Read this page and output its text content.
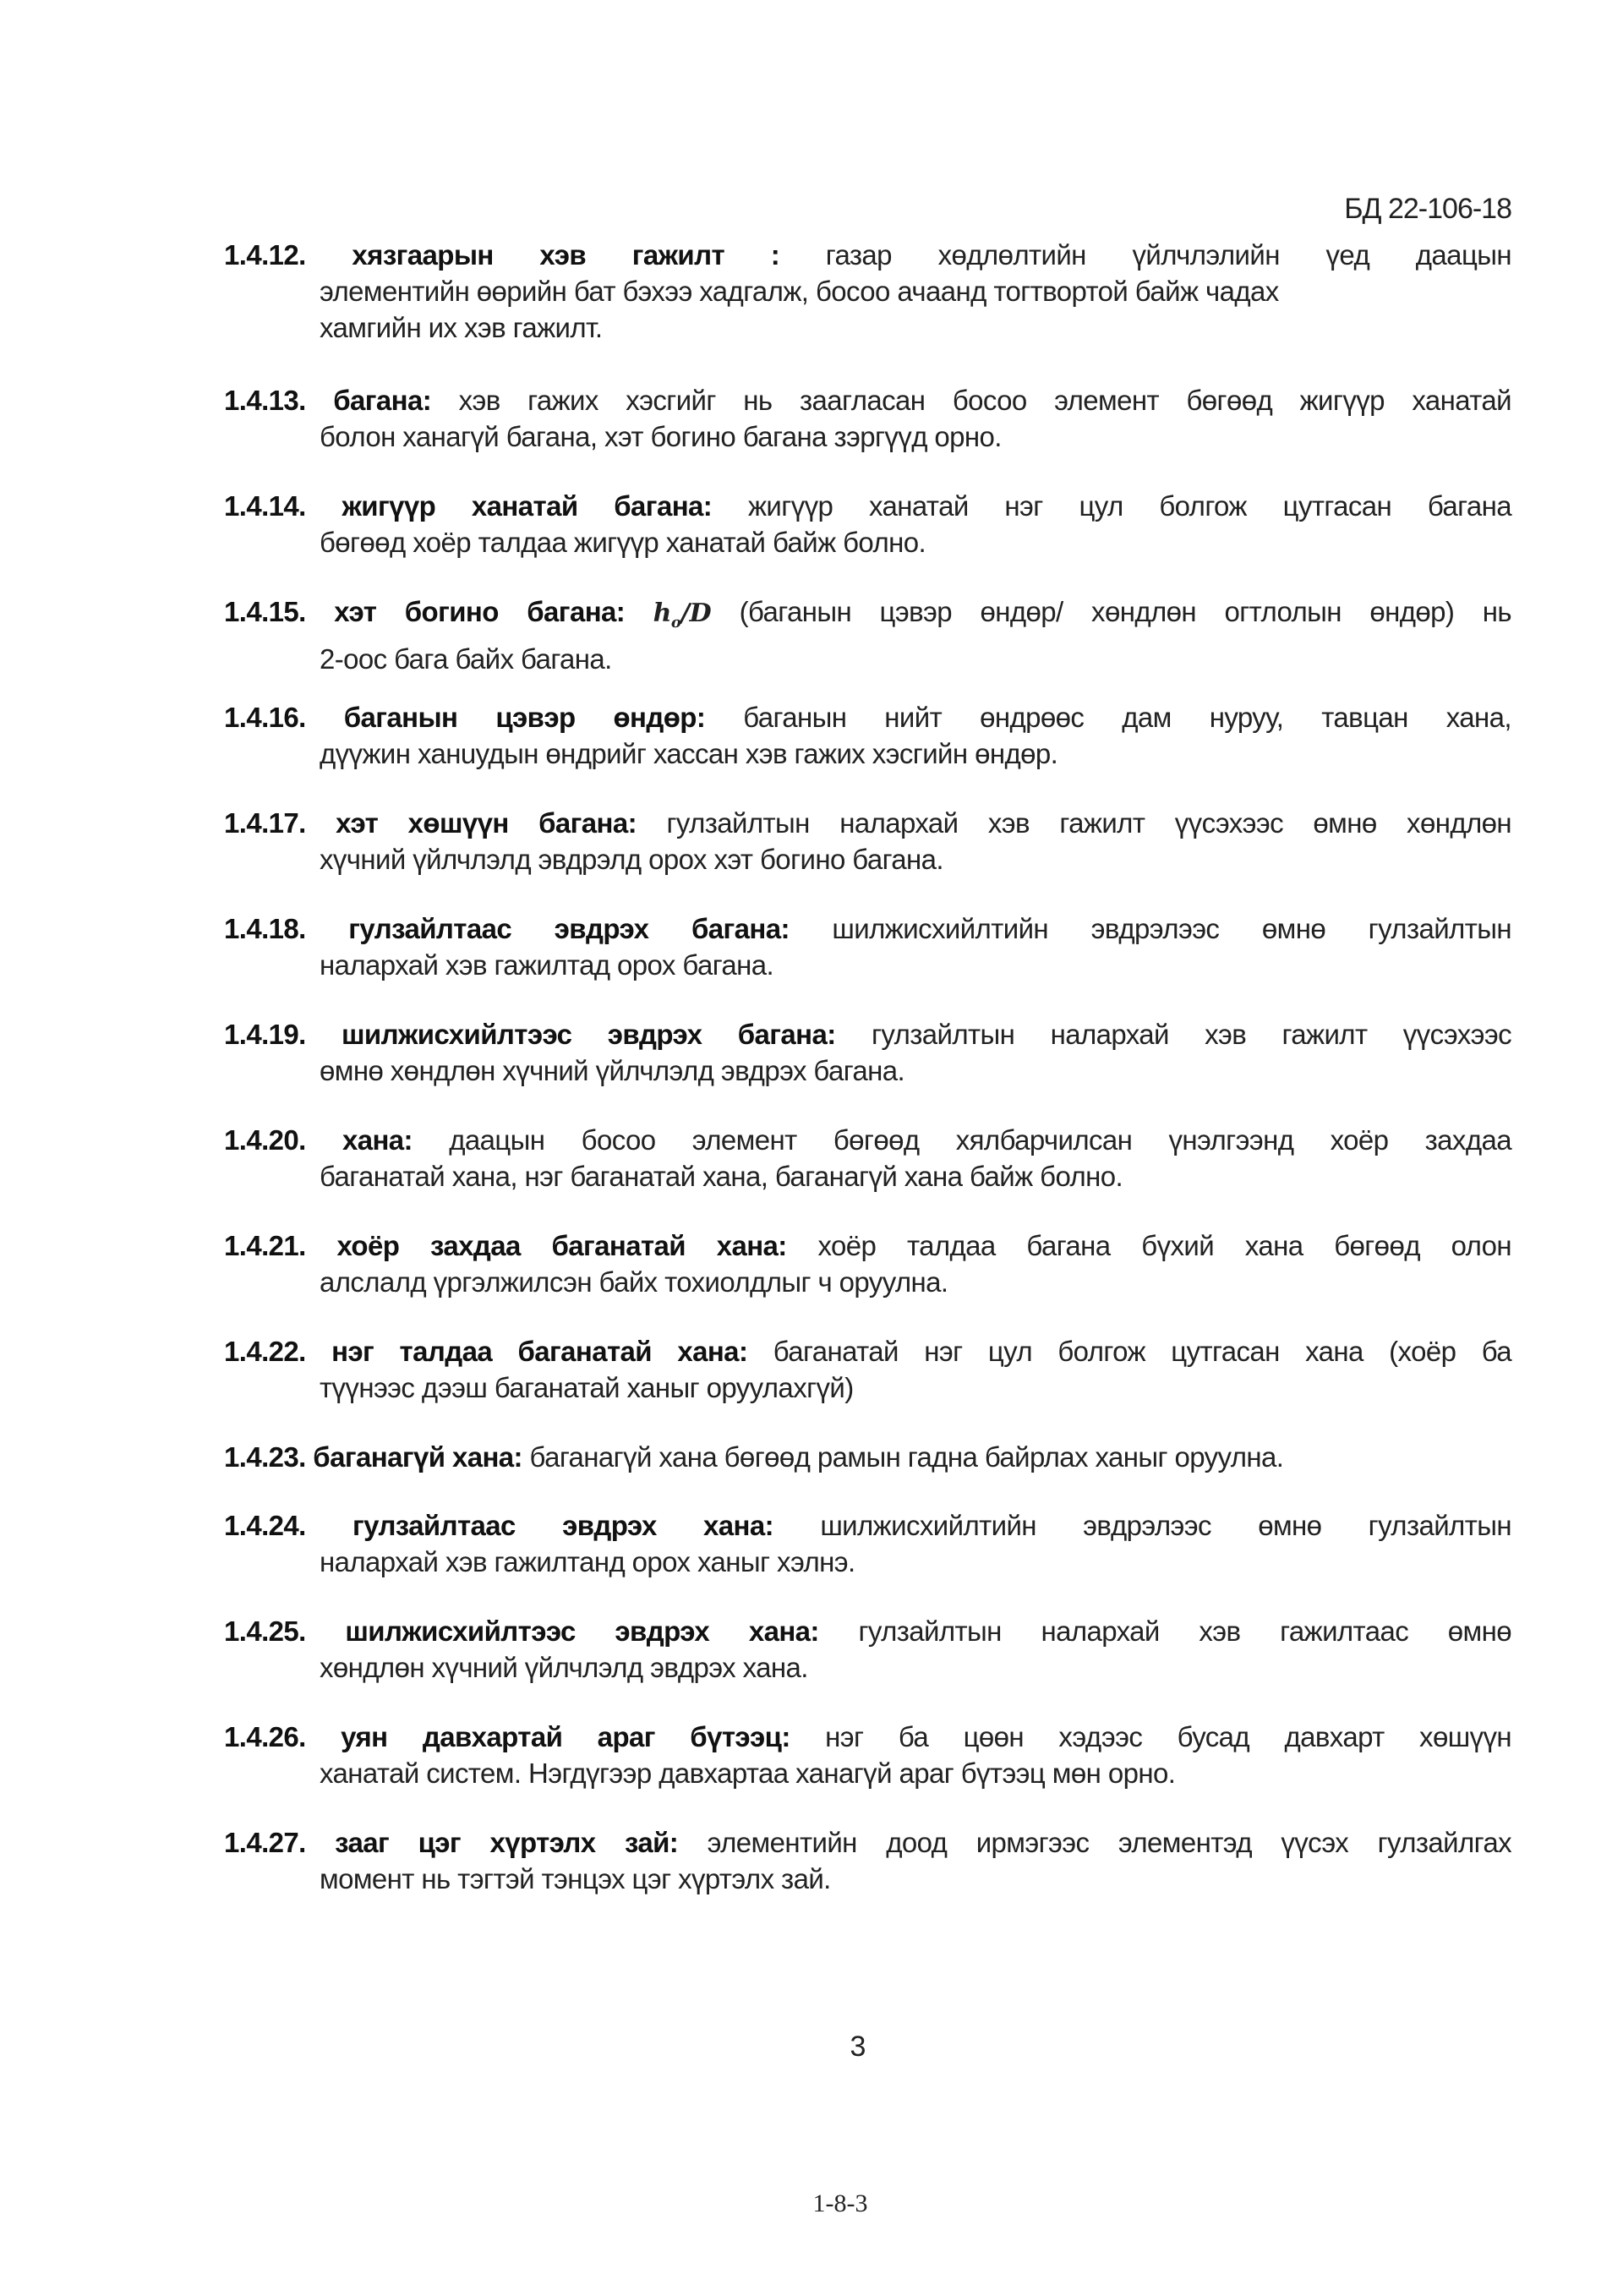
БД 22-106-18
1.4.12. хязгаарын хэв гажилт : газар хөдлөлтийн үйлчлэлийн үед даацын
элементийн өөрийн бат бэхээ хадгалж, босоо ачаанд тогтвортой байж чадах
хамгийн их хэв гажилт.
1.4.13. багана: хэв гажих хэсгийг нь заагласан босоо элемент бөгөөд жигүүр ханатай
болон ханагүй багана, хэт богино багана зэргүүд орно.
1.4.14. жигүүр ханатай багана: жигүүр ханатай нэг цул болгож цутгасан багана
бөгөөд хоёр талдаа жигүүр ханатай байж болно.
1.4.15. хэт богино багана: $h_o/D$ (баганын цэвэр өндөр/ хөндлөн огтлолын өндөр) нь
2-оос бага байх багана.
1.4.16. баганын цэвэр өндөр: баганын нийт өндрөөс дам нуруу, тавцан хана,
дүүжин ханuудын өндрийг хассан хэв гажих хэсгийн өндөр.
1.4.17. хэт хөшүүн багана: гулзайлтын налархай хэв гажилт үүсэхээс өмнө хөндлөн
хүчний үйлчлэлд эвдрэлд орох хэт богино багана.
1.4.18. гулзайлтаас эвдрэх багана: шилжисхийлтийн эвдрэлээс өмнө гулзайлтын
налархай хэв гажилтад орох багана.
1.4.19. шилжисхийлтээс эвдрэх багана: гулзайлтын налархай хэв гажилт үүсэхээс
өмнө хөндлөн хүчний үйлчлэлд эвдрэх багана.
1.4.20. хана: даацын босоо элемент бөгөөд хялбарчилсан үнэлгээнд хоёр захдаа
баганатай хана, нэг баганатай хана, баганагүй хана байж болно.
1.4.21. хоёр захдаа баганатай хана: хоёр талдаа багана бүхий хана бөгөөд олон
алслалд үргэлжилсэн байх тохиолдлыг ч оруулна.
1.4.22. нэг талдаа баганатай хана: баганатай нэг цул болгож цутгасан хана (хоёр ба
түүнээс дээш баганатай ханыг оруулахгүй)
1.4.23. баганагүй хана: баганагүй хана бөгөөд рамын гадна байрлах ханыг оруулна.
1.4.24. гулзайлтаас эвдрэх хана: шилжисхийлтийн эвдрэлээс өмнө гулзайлтын
налархай хэв гажилтанд орох ханыг хэлнэ.
1.4.25. шилжисхийлтээс эвдрэх хана: гулзайлтын налархай хэв гажилтаас өмнө
хөндлөн хүчний үйлчлэлд эвдрэх хана.
1.4.26. уян давхартай араг бүтээц: нэг ба цөөн хэдээс бусад давхарт хөшүүн
ханатай систем. Нэгдүгээр давхартаа ханагүй араг бүтээц мөн орно.
1.4.27. зааг цэг хүртэлх зай: элементийн доод ирмэгээс элементэд үүсэх гулзайлгах
момент нь тэгтэй тэнцэх цэг хүртэлх зай.
3
1-8-3
